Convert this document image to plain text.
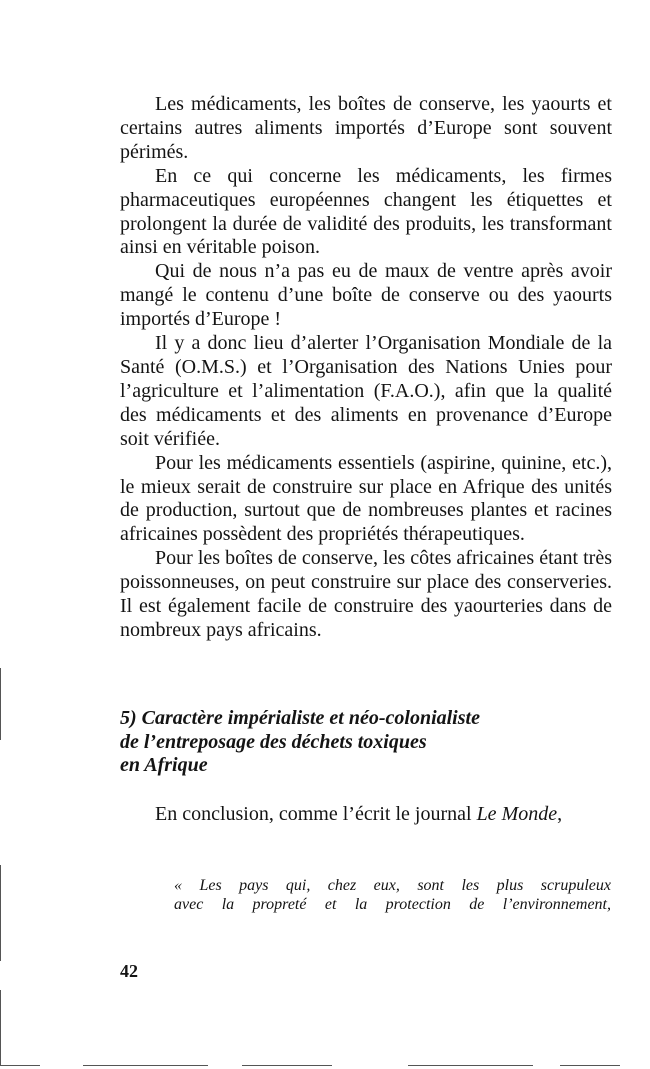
Les médicaments, les boîtes de conserve, les yaourts et certains autres aliments importés d’Europe sont souvent périmés.

En ce qui concerne les médicaments, les firmes pharmaceutiques européennes changent les étiquettes et prolongent la durée de validité des produits, les transformant ainsi en véritable poison.

Qui de nous n’a pas eu de maux de ventre après avoir mangé le contenu d’une boîte de conserve ou des yaourts importés d’Europe !

Il y a donc lieu d’alerter l’Organisation Mondiale de la Santé (O.M.S.) et l’Organisation des Nations Unies pour l’agriculture et l’alimentation (F.A.O.), afin que la qualité des médicaments et des aliments en provenance d’Europe soit vérifiée.

Pour les médicaments essentiels (aspirine, quinine, etc.), le mieux serait de construire sur place en Afrique des unités de production, surtout que de nombreuses plantes et racines africaines possèdent des propriétés thérapeutiques.

Pour les boîtes de conserve, les côtes africaines étant très poissonneuses, on peut construire sur place des conserveries. Il est également facile de construire des yaourteries dans de nombreux pays africains.

5) Caractère impérialiste et néo-colonialiste
de l’entreposage des déchets toxiques
en Afrique

En conclusion, comme l’écrit le journal Le Monde,

« Les pays qui, chez eux, sont les plus scrupuleux
avec la propreté et la protection de l’environnement,
42
